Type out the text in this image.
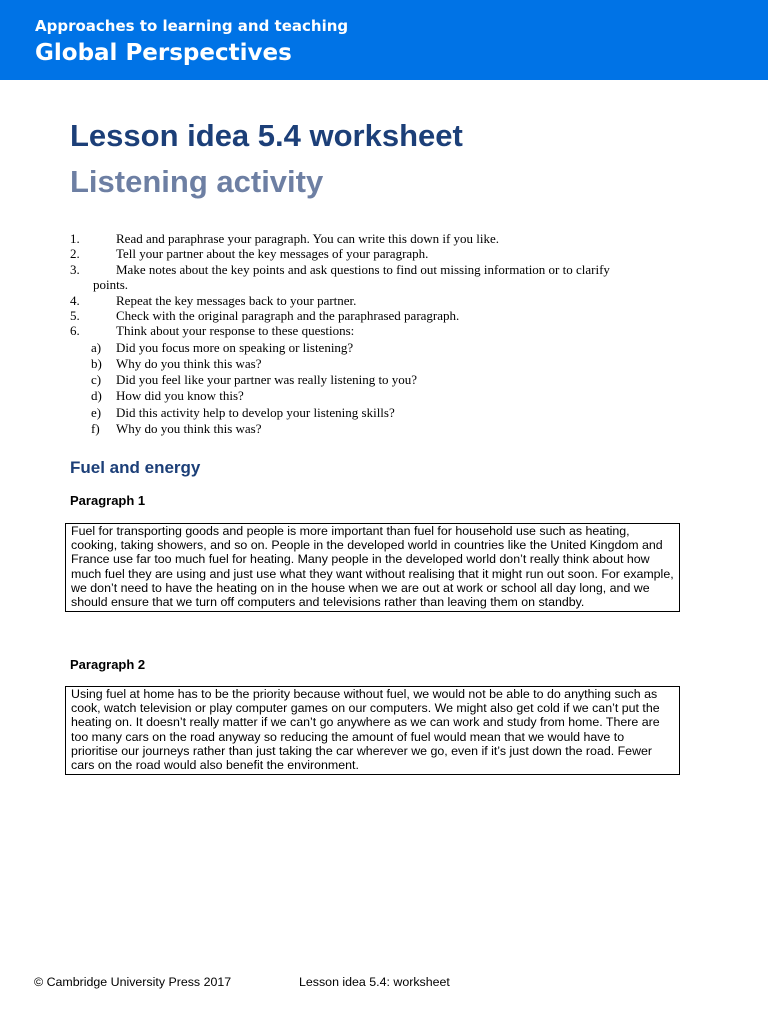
Approaches to learning and teaching
Global Perspectives
Lesson idea 5.4 worksheet
Listening activity
1.	Read and paraphrase your paragraph. You can write this down if you like.
2.	Tell your partner about the key messages of your paragraph.
3.	Make notes about the key points and ask questions to find out missing information or to clarify
points.
4.	Repeat the key messages back to your partner.
5.	Check with the original paragraph and the paraphrased paragraph.
6.	Think about your response to these questions:
a) Did you focus more on speaking or listening?
b) Why do you think this was?
c) Did you feel like your partner was really listening to you?
d) How did you know this?
e) Did this activity help to develop your listening skills?
f) Why do you think this was?
Fuel and energy
Paragraph 1
Fuel for transporting goods and people is more important than fuel for household use such as heating, cooking, taking showers, and so on. People in the developed world in countries like the United Kingdom and France use far too much fuel for heating. Many people in the developed world don’t really think about how much fuel they are using and just use what they want without realising that it might run out soon. For example, we don’t need to have the heating on in the house when we are out at work or school all day long, and we should ensure that we turn off computers and televisions rather than leaving them on standby.
Paragraph 2
Using fuel at home has to be the priority because without fuel, we would not be able to do anything such as cook, watch television or play computer games on our computers. We might also get cold if we can’t put the heating on. It doesn’t really matter if we can’t go anywhere as we can work and study from home. There are too many cars on the road anyway so reducing the amount of fuel would mean that we would have to prioritise our journeys rather than just taking the car wherever we go, even if it’s just down the road. Fewer cars on the road would also benefit the environment.
© Cambridge University Press 2017	Lesson idea 5.4: worksheet
